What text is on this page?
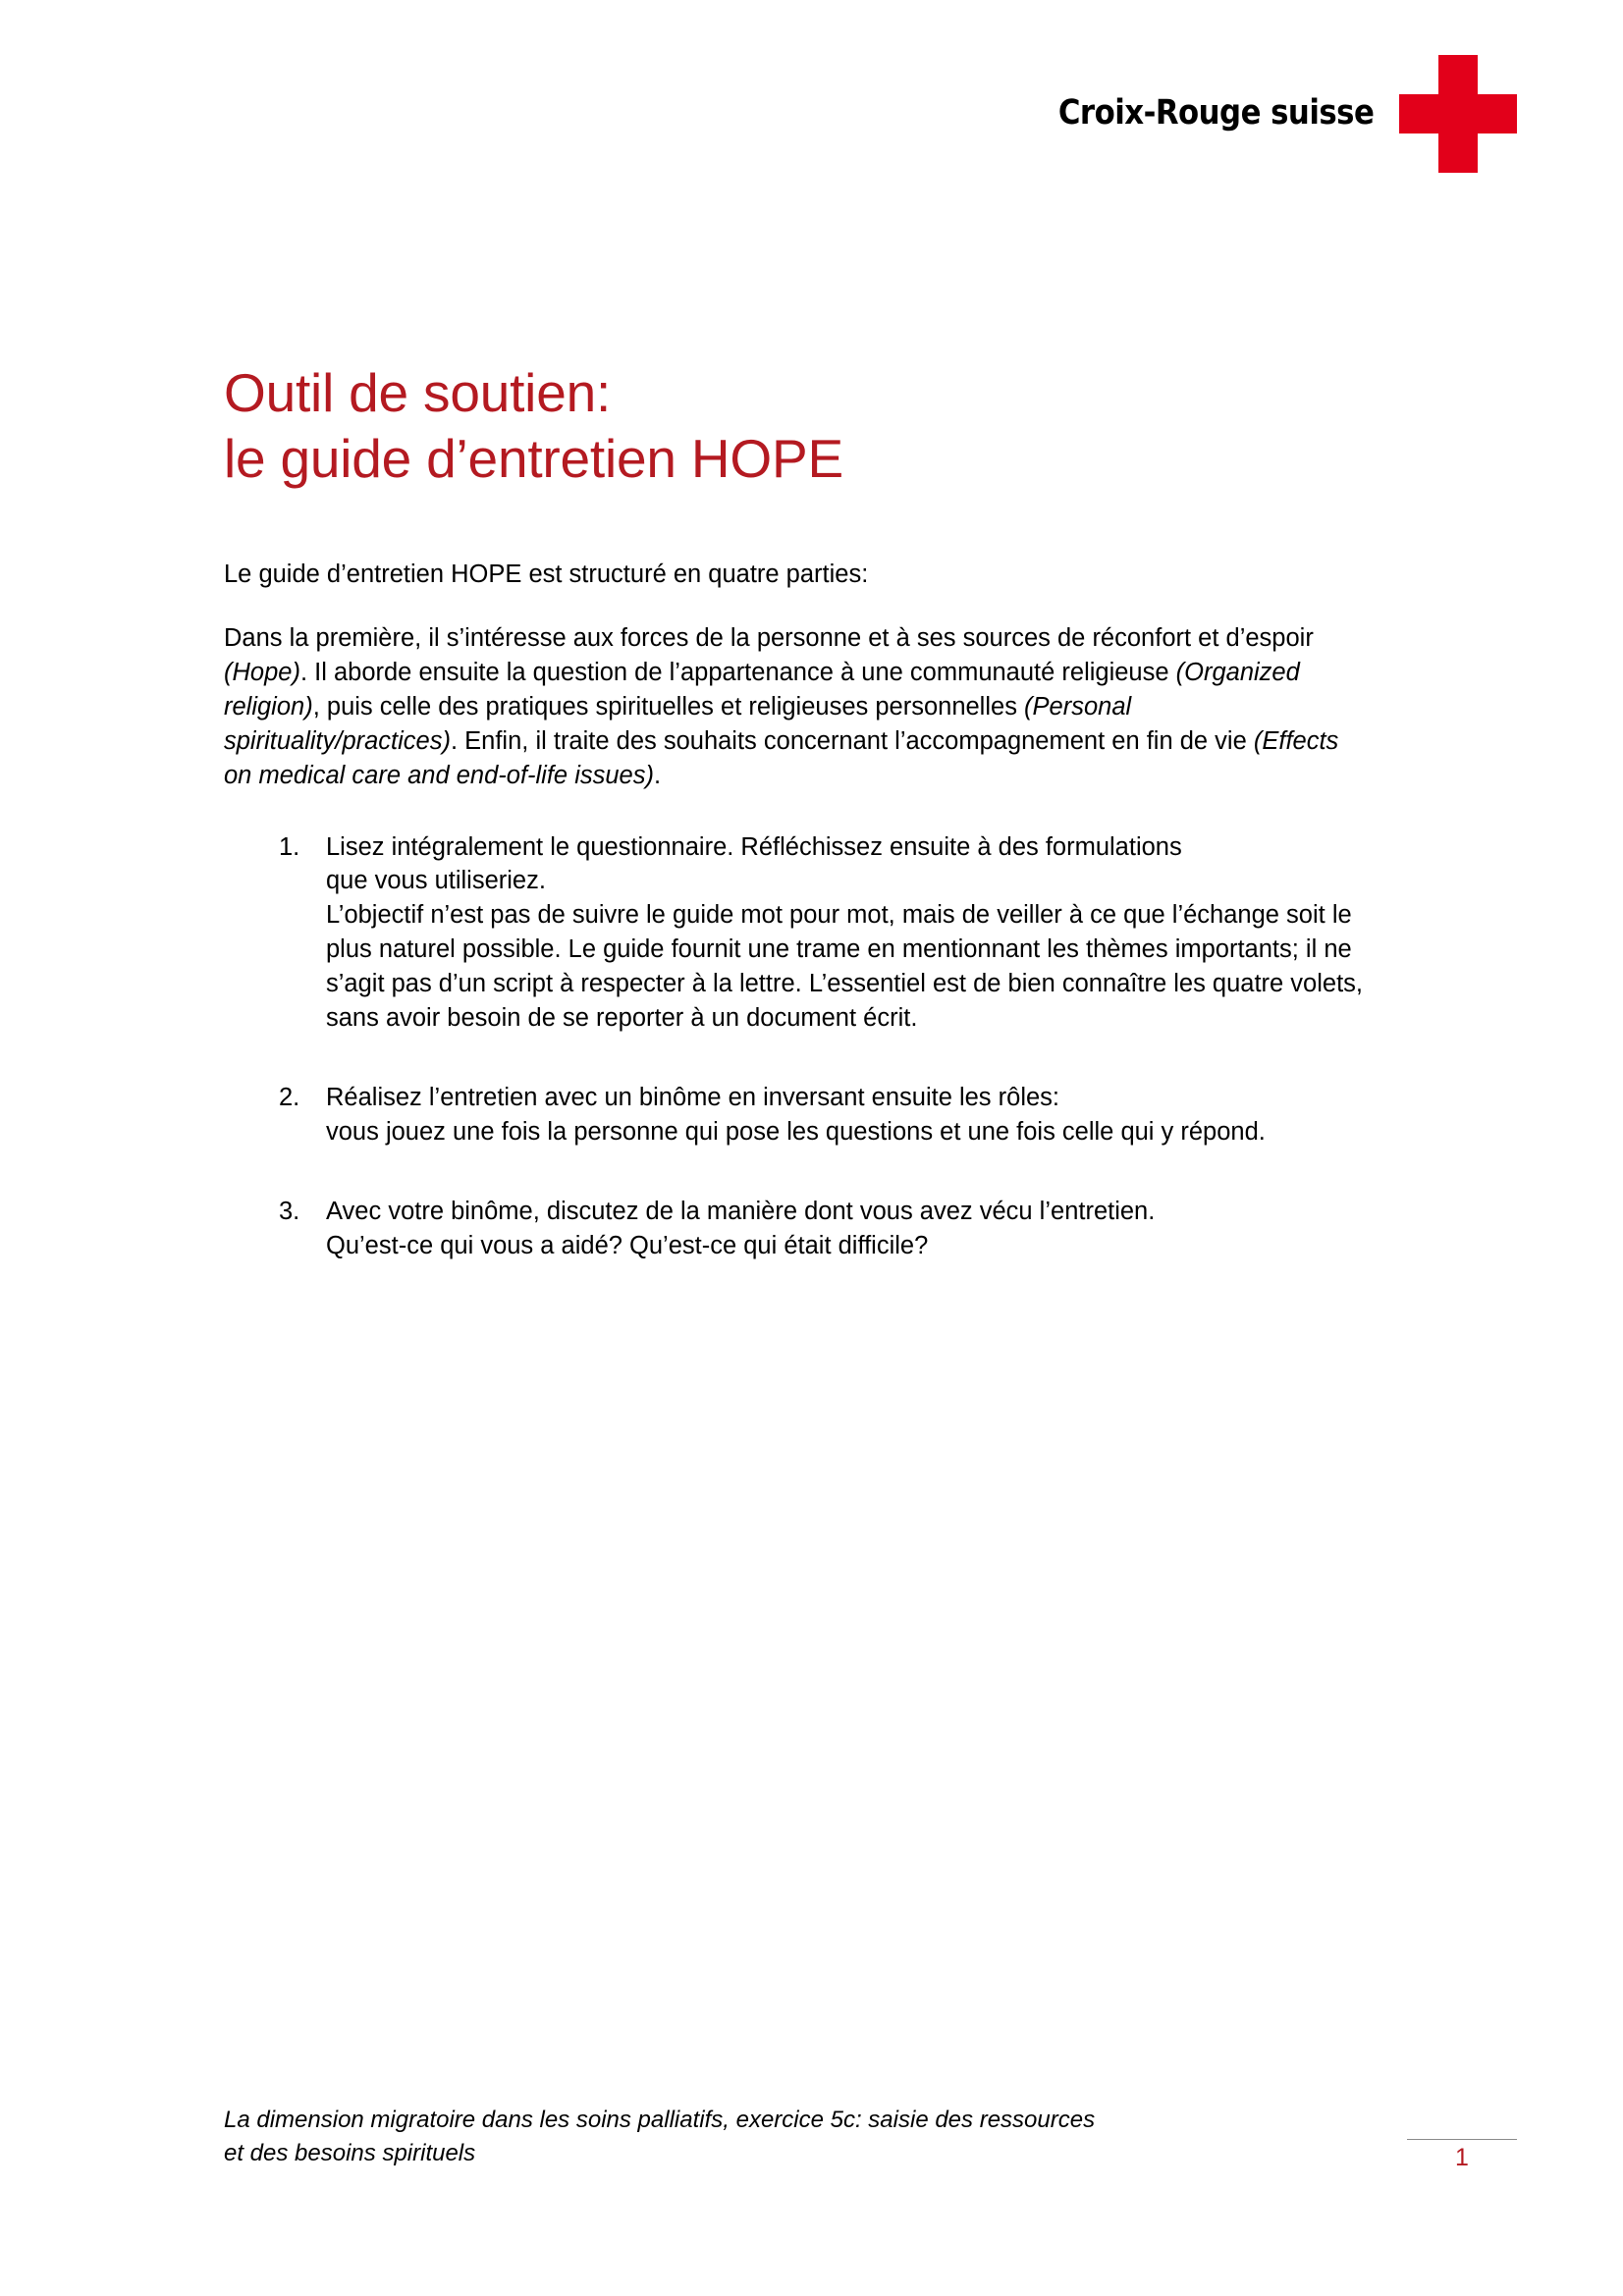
Croix-Rouge suisse
Outil de soutien:
le guide d’entretien HOPE

Le guide d’entretien HOPE est structuré en quatre parties:

Dans la première, il s’intéresse aux forces de la personne et à ses sources de réconfort et d’espoir
(Hope). Il aborde ensuite la question de l’appartenance à une communauté religieuse (Organized
religion), puis celle des pratiques spirituelles et religieuses personnelles (Personal
spirituality/practices). Enfin, il traite des souhaits concernant l’accompagnement en fin de vie (Effects
on medical care and end-of-life issues).

1.	Lisez intégralement le questionnaire. Réfléchissez ensuite à des formulations
que vous utiliseriez.
L’objectif n’est pas de suivre le guide mot pour mot, mais de veiller à ce que l’échange soit le
plus naturel possible. Le guide fournit une trame en mentionnant les thèmes importants; il ne
s’agit pas d’un script à respecter à la lettre. L’essentiel est de bien connaître les quatre volets,
sans avoir besoin de se reporter à un document écrit.
2.	Réalisez l’entretien avec un binôme en inversant ensuite les rôles:
vous jouez une fois la personne qui pose les questions et une fois celle qui y répond.
3.	Avec votre binôme, discutez de la manière dont vous avez vécu l’entretien.
Qu’est-ce qui vous a aidé? Qu’est-ce qui était difficile?
La dimension migratoire dans les soins palliatifs, exercice 5c: saisie des ressources
et des besoins spirituels	1
